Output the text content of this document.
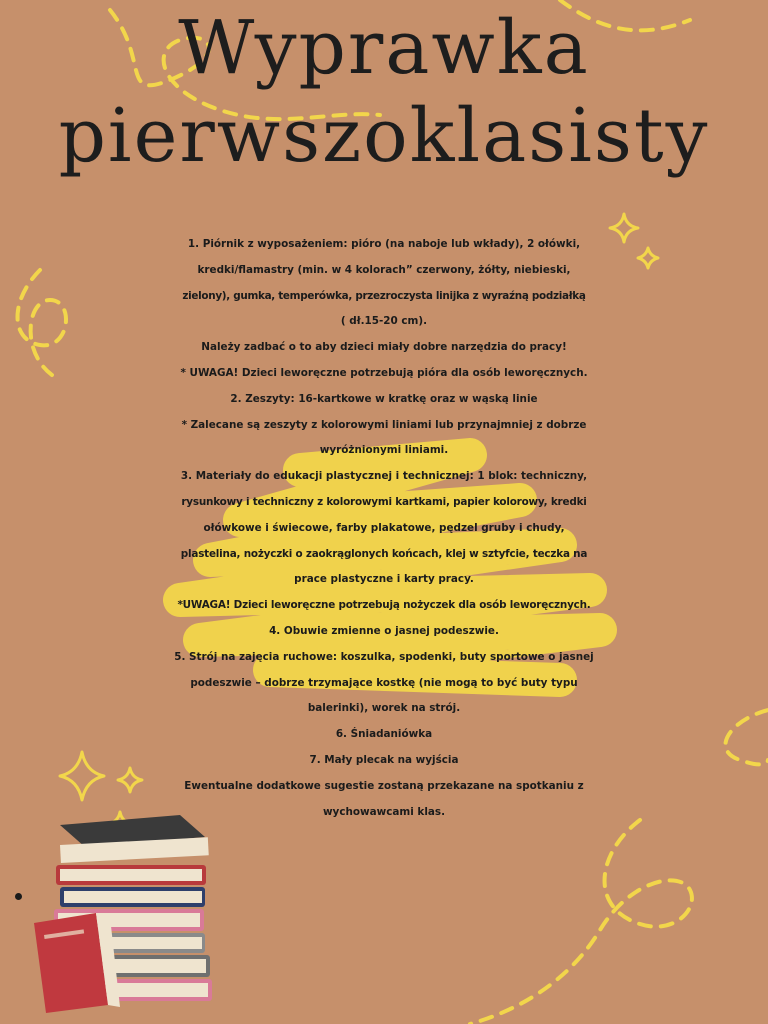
Wyprawka
pierwszoklasisty

1. Piórnik z wyposażeniem: pióro (na naboje lub wkłady), 2 ołówki,

kredki/flamastry (min. w 4 kolorach” czerwony, żółty, niebieski,

zielony), gumka, temperówka, przezroczysta linijka z wyraźną podziałką

( dł.15-20 cm).

Należy zadbać o to aby dzieci miały dobre narzędzia do pracy!

* UWAGA! Dzieci leworęczne potrzebują pióra dla osób leworęcznych.

2. Zeszyty: 16-kartkowe w kratkę oraz w wąską linie

* Zalecane są zeszyty z kolorowymi liniami lub przynajmniej z dobrze

wyróżnionymi liniami.

3. Materiały do edukacji plastycznej i technicznej: 1 blok: techniczny,

rysunkowy i techniczny z kolorowymi kartkami, papier kolorowy, kredki

ołówkowe i świecowe, farby plakatowe, pędzel gruby i chudy,

plastelina, nożyczki o zaokrąglonych końcach, klej w sztyfcie, teczka na

prace plastyczne i karty pracy.

*UWAGA! Dzieci leworęczne potrzebują nożyczek dla osób leworęcznych.

4. Obuwie zmienne o jasnej podeszwie.

5. Strój na zajęcia ruchowe: koszulka, spodenki, buty sportowe o jasnej

podeszwie – dobrze trzymające kostkę (nie mogą to być buty typu

balerinki), worek na strój.

6. Śniadaniówka

7. Mały plecak na wyjścia

Ewentualne dodatkowe sugestie zostaną przekazane na spotkaniu z

wychowawcami klas.
